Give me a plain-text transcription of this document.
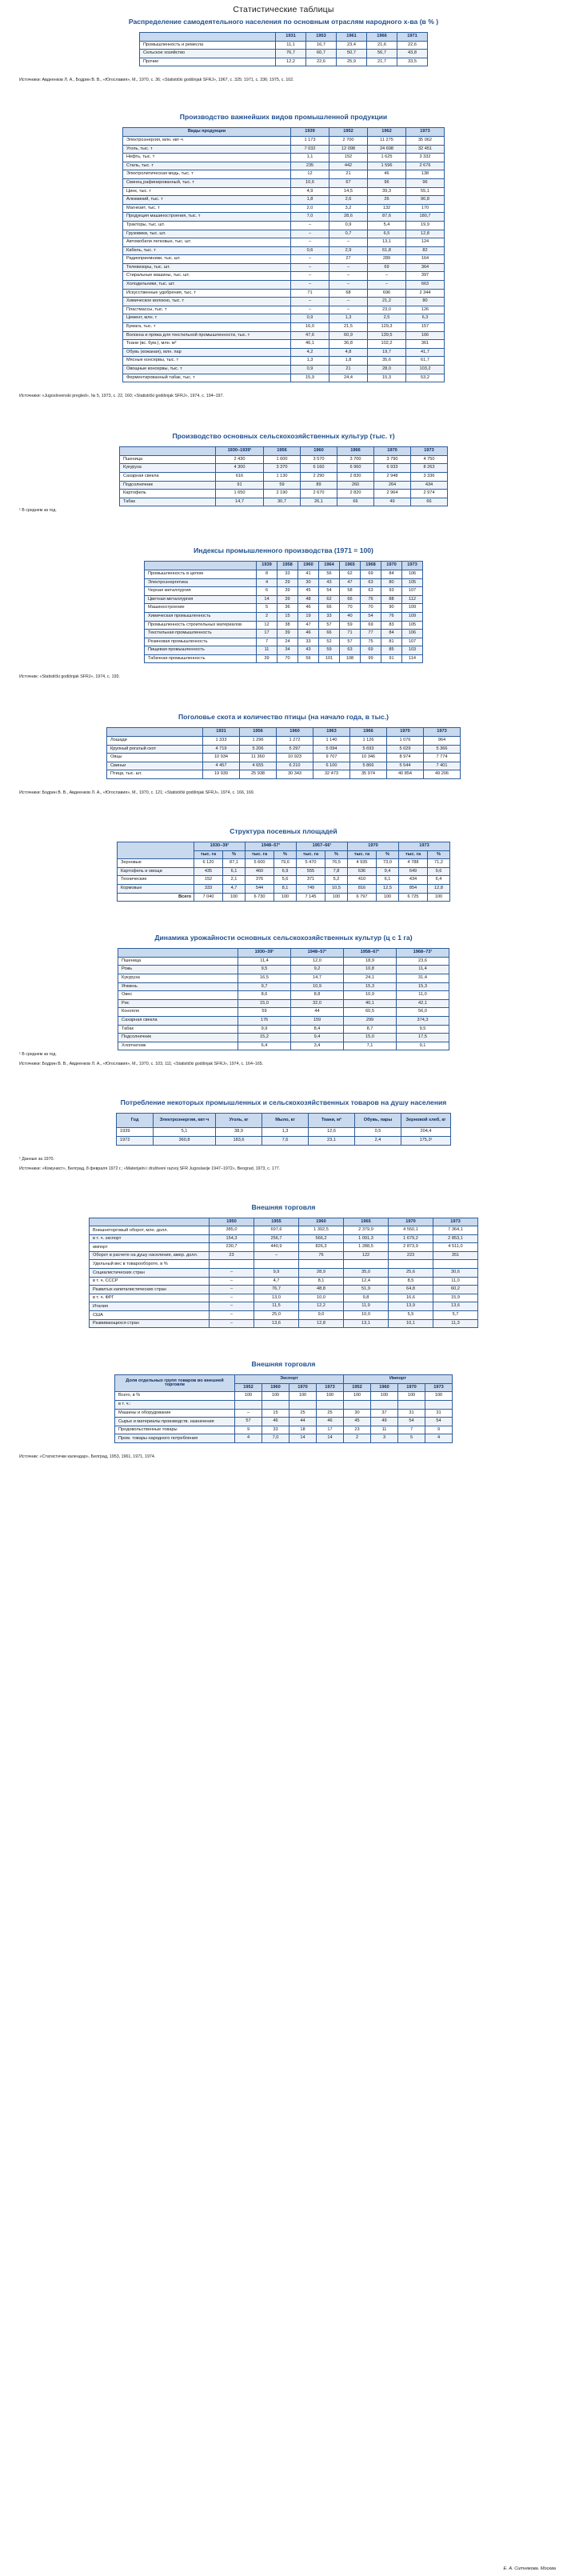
Статистические таблицы
Распределение самодеятельного населения по основным отраслям народного х-ва (в % )
	1931	1953	1961	1966	1971
Промышленность и ремесла	11,1	16,7	23,4	21,6	22,6
Сельское хозяйство	76,7	60,7	50,7	56,7	43,8
Прочие	12,2	22,6	25,9	21,7	33,5
Источники: Авдеенков Л. А., Бодрин В. В., «Югославия», М., 1970, с. 36; «Statistički godišnjak SFRJ», 1967, с. 325; 1971, с. 336; 1975, с. 102.
Производство важнейших видов промышленной продукции
Виды продукции	1939	1952	1962	1973
Электроэнергия, млн. квт·ч	1 173	2 700	11 275	35 062
Уголь, тыс. т	7 032	12 098	24 698	32 451
Нефть, тыс. т	1,1	152	1 625	3 332
Сталь, тыс. т	235	442	1 596	2 676
Электролитическая медь, тыс. т	12	21	46	138
Свинец рафинированный, тыс. т	10,6	67	96	96
Цинк, тыс. т	4,9	14,5	39,3	55,1
Алюминий, тыс. т	1,8	2,6	26	90,8
Магнезит, тыс. т	2,0	3,2	132	170
Продукция машиностроения, тыс. т	7,0	28,6	87,6	180,7
Тракторы, тыс. шт.	–	0,9	5,4	19,9
Грузовики, тыс. шт.	–	0,7	6,5	12,8
Автомобили легковые, тыс. шт.	–	–	13,1	124
Кабель, тыс. т	0,6	2,9	61,8	82
Радиоприемники, тыс. шт.	–	27	289	164
Телевизоры, тыс. шт.	–	–	69	364
Стиральные машины, тыс. шт.	–	–	–	397
Холодильники, тыс. шт.	–	–	–	663
Искусственные удобрения, тыс. т	71	68	696	2 344
Химическое волокно, тыс. т	–	–	21,2	80
Пластмассы, тыс. т	–	–	23,0	126
Цемент, млн. т	0,9	1,3	2,5	6,3
Бумага, тыс. т	16,0	21,5	129,3	157
Волокна и пряжа для текстильной промышленности, тыс. т	47,6	60,9	139,5	166
Ткани (вс. бум.), млн. м²	46,1	36,8	102,2	361
Обувь (кожаная), млн. пар	4,2	4,8	19,7	41,7
Мясные консервы, тыс. т	1,3	1,8	35,6	61,7
Овощные консервы, тыс. т	0,9	21	28,0	103,2
Ферментированный табак, тыс. т	15,9	24,4	15,3	53,2
Источники: «Jugoslovenski pregled», № 5, 1973, с. 22, 160; «Statistički godišnjak SFRJ», 1974, с. 194–197.
Производство основных сельскохозяйственных культур (тыс. т)
	1930–1939¹	1956	1960	1966	1970	1973
Пшеница	2 430	1 600	3 570	3 700	3 790	4 750
Кукуруза	4 300	3 370	6 160	6 960	6 933	8 263
Сахарная свекла	616	1 130	2 290	2 830	2 948	3 336
Подсолнечник	91	59	89	260	264	434
Картофель	1 650	2 190	2 670	2 820	2 964	2 974
Табак	14,7	30,7	26,1	66	49	66
¹ В среднем за год.
Индексы промышленного производства (1971 = 100)
	1939	1958	1960	1964	1965	1968	1970	1973
Промышленность в целом	8	33	41	56	62	69	84	106
Электроэнергетика	4	29	30	43	47	63	80	105
Черная металлургия	6	39	45	54	58	63	93	107
Цветная металлургия	14	39	48	62	66	76	88	112
Машиностроение	5	36	46	66	70	70	90	109
Химическая промышленность	2	15	19	33	40	54	76	109
Промышленность строительных материалов	12	38	47	57	59	69	83	105
Текстильная промышленность	17	39	46	66	71	77	84	106
Резиновая промышленность	7	24	33	52	57	75	81	107
Пищевая промышленность	11	34	43	59	63	69	85	103
Табачная промышленность	39	70	56	101	108	99	91	114
Источник: «Statistički godišnjak SFRJ», 1974, с. 193.
Поголовье скота и количество птицы (на начало года, в тыс.)
	1931	1956	1960	1963	1966	1970	1973
Лошади	1 333	1 296	1 272	1 140	1 126	1 076	964
Крупный рогатый скот	4 719	5 206	5 297	5 094	5 693	5 029	5 366
Овцы	10 934	11 360	10 923	9 707	10 346	8 974	7 774
Свиньи	4 457	4 655	6 210	6 100	5 866	5 544	7 401
Птица, тыс. шт.	19 939	25 938	30 343	32 473	35 974	40 854	49 206
Источники: Бодрин В. В., Авдеенков Л. А., «Югославия», М., 1970, с. 121; «Statistički godišnjak SFRJ», 1974, с. 166, 169.
Структура посевных площадей
	1930–39¹		1948–57¹		1957–66¹		1970		1973	
	тыс. га	%	тыс. га	%	тыс. га	%	тыс. га	%	тыс. га	%
Зерновые	6 120	87,1	5 600	79,6	5 470	76,5	4 935	73,0	4 788	71,2
Картофель и овощи	435	6,1	460	6,9	555	7,8	636	9,4	649	9,6
Технические	152	2,1	376	5,6	371	5,2	410	6,1	434	6,4
Кормовые	333	4,7	544	8,1	749	10,5	816	12,5	854	12,8
Всего	7 040	100	6 730	100	7 145	100	6 797	100	6 725	100
Динамика урожайности основных сельскохозяйственных культур (ц с 1 га)
	1930–39¹	1948–57¹	1958–67¹	1968–73¹
Пшеница	11,4	12,0	18,9	23,6
Рожь	9,5	9,2	10,8	11,4
Кукуруза	16,5	14,7	24,1	31,4
Ячмень	9,7	10,9	15,3	15,3
Овес	8,6	8,8	10,9	11,0
Рис	15,0	32,0	40,1	42,1
Конопля	59	44	60,5	56,0
Сахарная свекла	176	159	299	374,3
Табак	9,9	8,4	8,7	9,5
Подсолнечник	15,2	9,4	15,0	17,5
Хлопчатник	6,4	3,4	7,1	9,1
¹ В среднем за год.
Источники: Бодрин В. В., Авдеенков Л. А., «Югославия», М., 1970, с. 103, 111; «Statistički godišnjak SFRJ», 1974, с. 164–165.
Потребление некоторых промышленных и сельскохозяйственных товаров на душу населения
Год	Электроэнергия, квт·ч	Уголь, кг	Мыло, кг	Ткани, м²	Обувь, пары	Зерновой хлеб, кг
1939	5,1	38,9	1,3	12,6	0,5	204,4
1972	360,8	183,6	7,6	23,1	2,4	175,3¹
¹ Данные за 1970.
Источники: «Комунист», Белград, 8 февраля 1972 г.; «Materijalni i društveni razvoj SFR Jugoslavije 1947–1972», Beograd, 1973, с. 177.
Внешняя торговля
	1950	1955	1960	1965	1970	1973
Внешнеторговый оборот, млн. долл.	385,0	697,6	1 392,5	2 379,9	4 550,1	7 364,1
в т. ч. экспорт	154,3	256,7	566,2	1 091,3	1 679,2	2 853,1
импорт	230,7	440,9	826,3	1 288,5	2 873,9	4 511,0
Оборот в расчете на душу населения, амер. долл.	23	–	76	122	223	351
Удельный вес в товарообороте, в %						
Социалистических стран	–	9,9	28,9	35,0	25,6	30,6
в т. ч. СССР	–	4,7	8,1	12,4	8,5	11,0
Развитых капиталистических стран	–	76,7	48,8	51,9	64,8	60,2
в т. ч. ФРГ	–	13,0	10,0	9,8	16,6	15,9
Италия	–	11,5	12,2	11,9	13,9	13,6
США	–	25,0	9,0	10,0	5,5	5,7
Развивающихся стран	–	13,6	12,8	13,1	10,1	11,3
Внешняя торговля
Доля отдельных групп товаров во внешней торговле	Экспорт				Импорт			
	1952	1960	1970	1973	1952	1960	1970	1973
Всего, в %	100	100	100	100	100	100	100	100
в т. ч.:								
Машины и оборудование	–	15	25	25	30	37	31	31
Сырье и материалы производств. назначения	57	46	44	46	45	49	54	54
Продовольственные товары	9	33	18	17	23	11	7	9
Пром. товары народного потребления	4	7,0	14	14	2	3	5	4
Источник: «Статистички календар», Белград, 1953, 1961, 1971, 1974.
Е. А. Ситнякова. Москва
